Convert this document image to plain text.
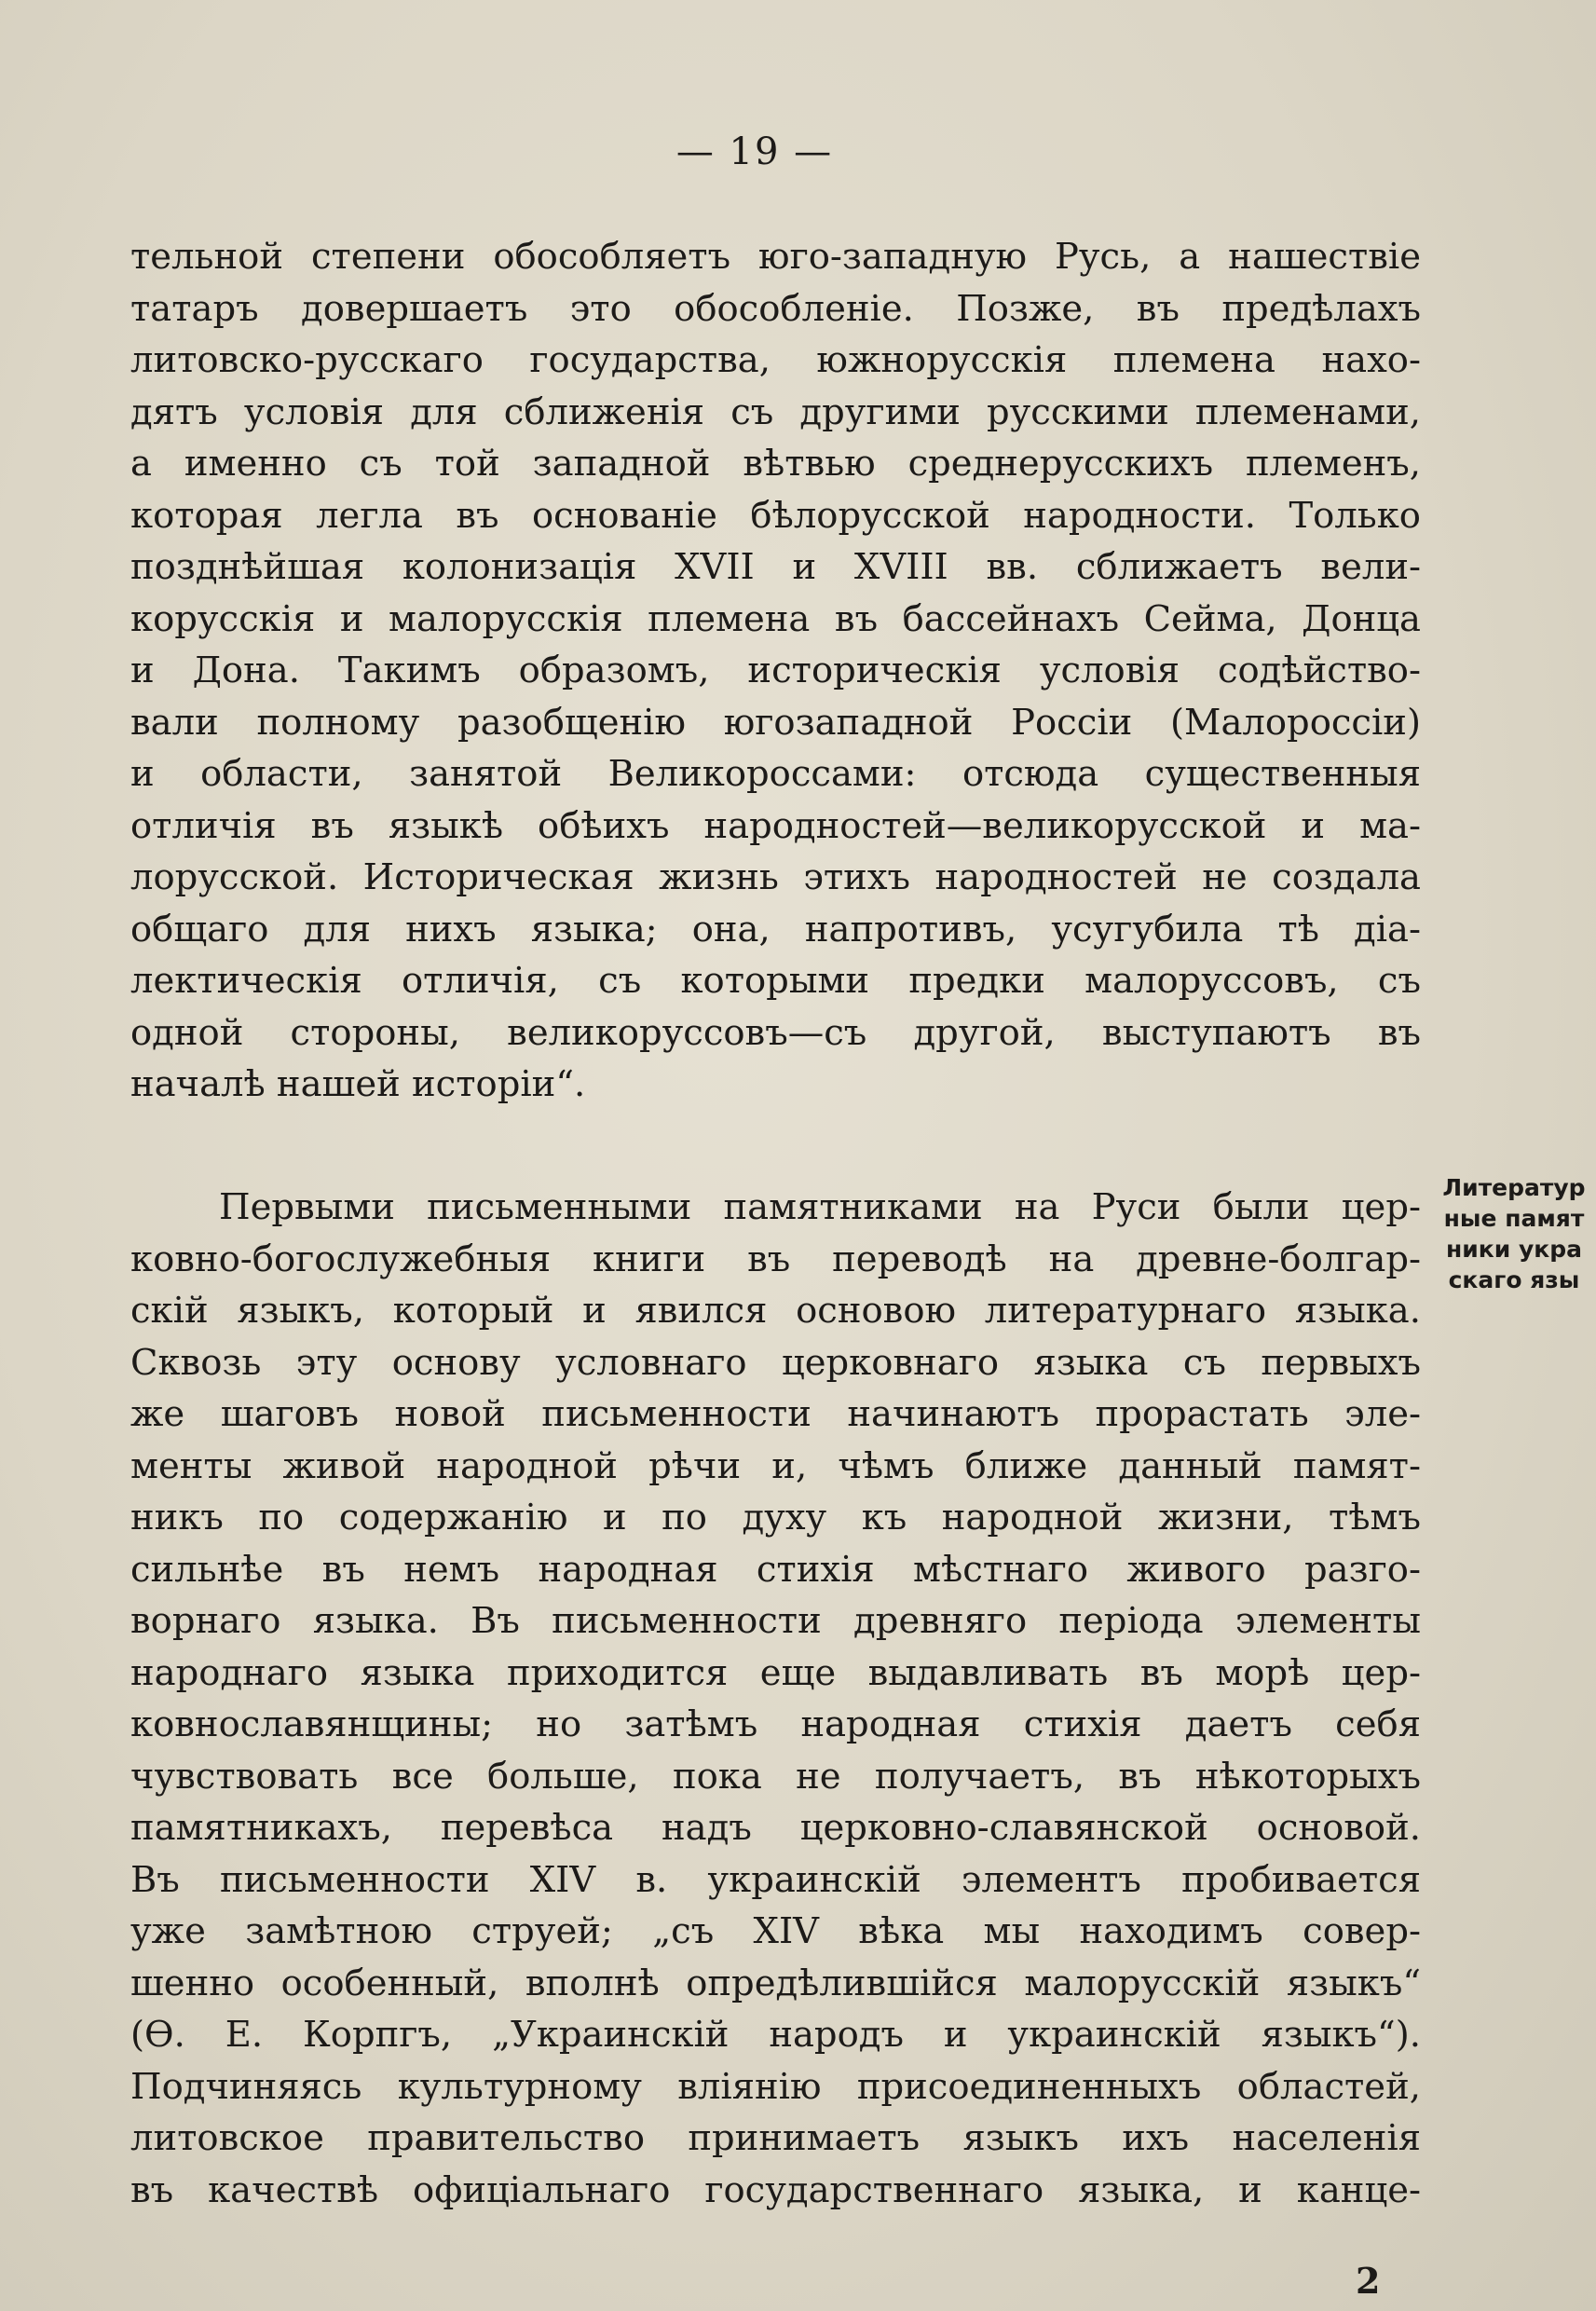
— 19 —
тельной степени обособляетъ юго-западную Русь, а нашествіе
татаръ довершаетъ это обособленіе. Позже, въ предѣлахъ
литовско-русскаго государства, южнорусскія племена нахо-
дятъ условія для сближенія съ другими русскими племенами,
а именно съ той западной вѣтвью среднерусскихъ племенъ,
которая легла въ основаніе бѣлорусской народности. Только
позднѣйшая колонизація XVII и XVIII вв. сближаетъ вели-
корусскія и малорусскія племена въ бассейнахъ Сейма, Донца
и Дона. Такимъ образомъ, историческія условія содѣйство-
вали полному разобщенію югозападной Россіи (Малороссіи)
и области, занятой Великороссами: отсюда существенныя
отличія въ языкѣ обѣихъ народностей—великорусской и ма-
лорусской. Историческая жизнь этихъ народностей не создала
общаго для нихъ языка; она, напротивъ, усугубила тѣ діа-
лектическія отличія, съ которыми предки малоруссовъ, съ
одной стороны, великоруссовъ—съ другой, выступаютъ въ
началѣ нашей исторіи“.
Первыми письменными памятниками на Руси были цер-
ковно-богослужебныя книги въ переводѣ на древне-болгар-
скій языкъ, который и явился основою литературнаго языка.
Сквозь эту основу условнаго церковнаго языка съ первыхъ
же шаговъ новой письменности начинаютъ прорастать эле-
менты живой народной рѣчи и, чѣмъ ближе данный памят-
никъ по содержанію и по духу къ народной жизни, тѣмъ
сильнѣе въ немъ народная стихія мѣстнаго живого разго-
ворнаго языка. Въ письменности древняго періода элементы
народнаго языка приходится еще выдавливать въ морѣ цер-
ковнославянщины; но затѣмъ народная стихія даетъ себя
чувствовать все больше, пока не получаетъ, въ нѣкоторыхъ
памятникахъ, перевѣса надъ церковно-славянской основой.
Въ письменности XIV в. украинскій элементъ пробивается
уже замѣтною струей; „съ XIV вѣка мы находимъ совер-
шенно особенный, вполнѣ опредѣлившійся малорусскій языкъ“
(Ѳ. Е. Корпгъ, „Украинскій народъ и украинскій языкъ“).
Подчиняясь культурному вліянію присоединенныхъ областей,
литовское правительство принимаетъ языкъ ихъ населенія
въ качествѣ офиціальнаго государственнаго языка, и канце-
Литератур
ные памят
ники укра
скаго язы
2
